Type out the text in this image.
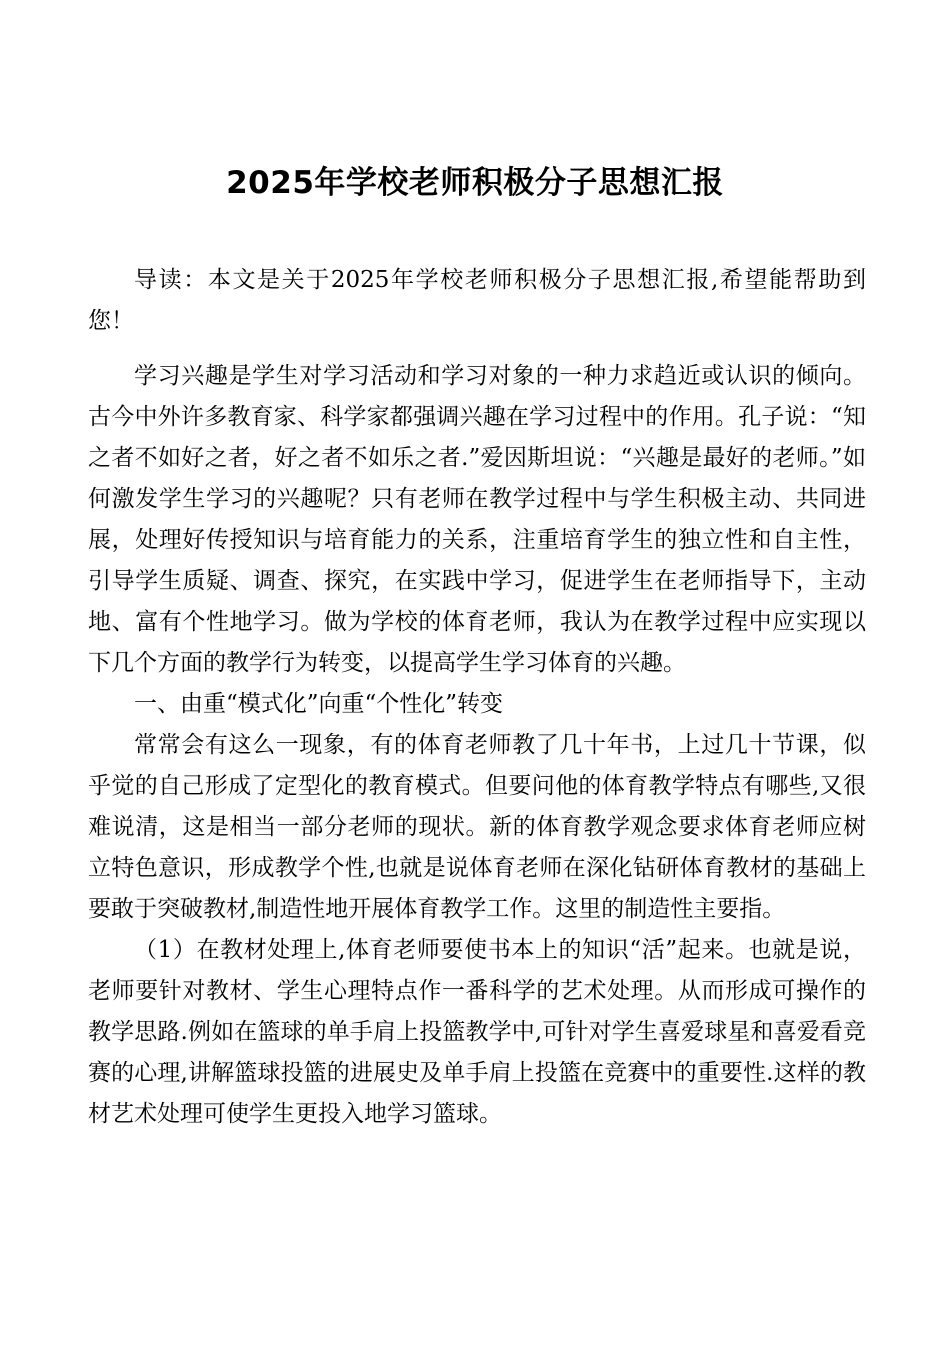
2025年学校老师积极分子思想汇报

导读：本文是关于2025年学校老师积极分子思想汇报,希望能帮助到您！

学习兴趣是学生对学习活动和学习对象的一种力求趋近或认识的倾向。古今中外许多教育家、科学家都强调兴趣在学习过程中的作用。孔子说：“知之者不如好之者，好之者不如乐之者.”爱因斯坦说：“兴趣是最好的老师。”如何激发学生学习的兴趣呢？只有老师在教学过程中与学生积极主动、共同进展，处理好传授知识与培育能力的关系，注重培育学生的独立性和自主性，引导学生质疑、调查、探究，在实践中学习，促进学生在老师指导下，主动地、富有个性地学习。做为学校的体育老师，我认为在教学过程中应实现以下几个方面的教学行为转变，以提高学生学习体育的兴趣。

一、由重“模式化”向重“个性化”转变

常常会有这么一现象，有的体育老师教了几十年书，上过几十节课，似乎觉的自己形成了定型化的教育模式。但要问他的体育教学特点有哪些,又很难说清，这是相当一部分老师的现状。新的体育教学观念要求体育老师应树立特色意识，形成教学个性,也就是说体育老师在深化钻研体育教材的基础上要敢于突破教材,制造性地开展体育教学工作。这里的制造性主要指。

（1）在教材处理上,体育老师要使书本上的知识“活”起来。也就是说，老师要针对教材、学生心理特点作一番科学的艺术处理。从而形成可操作的教学思路.例如在篮球的单手肩上投篮教学中,可针对学生喜爱球星和喜爱看竞赛的心理,讲解篮球投篮的进展史及单手肩上投篮在竞赛中的重要性.这样的教材艺术处理可使学生更投入地学习篮球。
